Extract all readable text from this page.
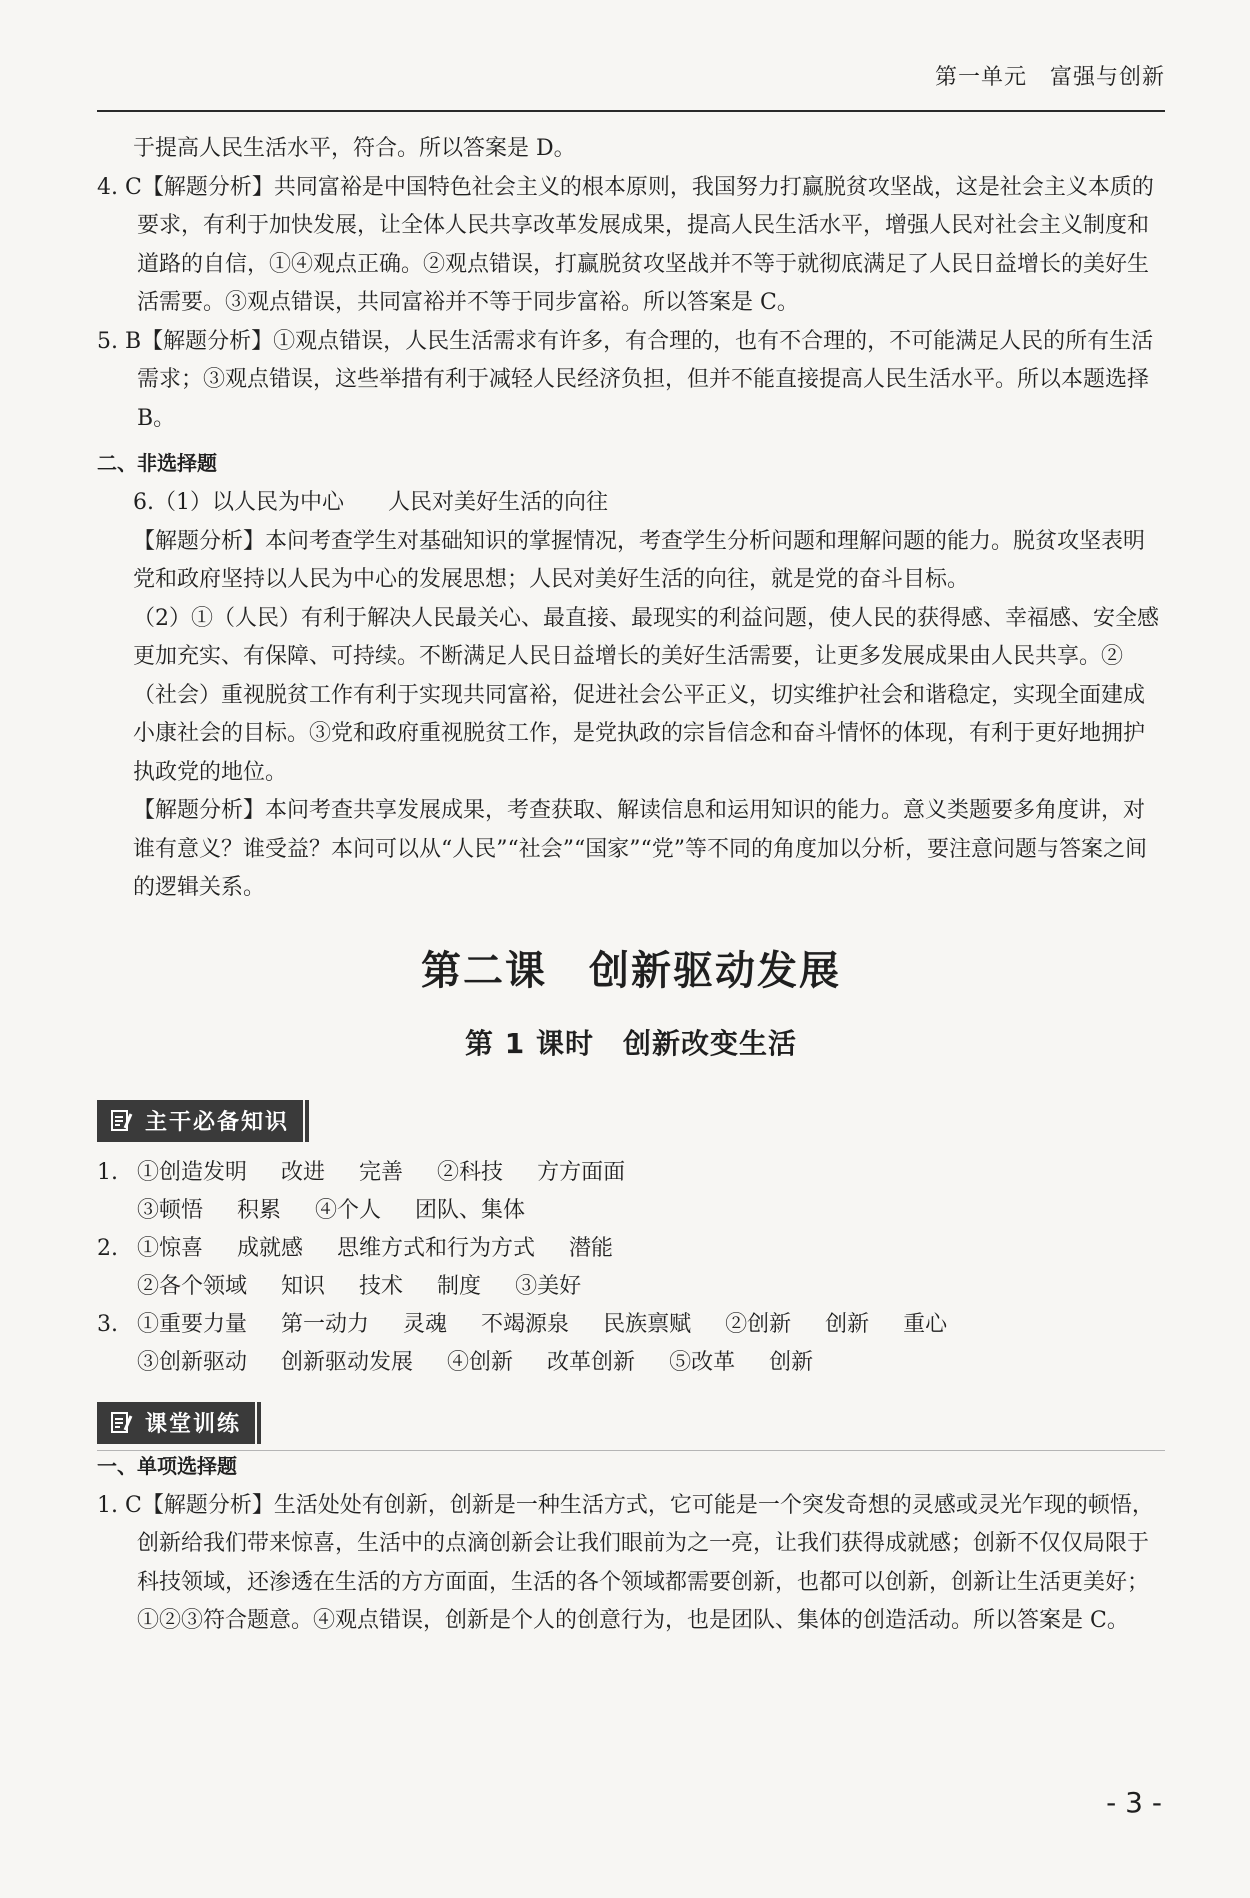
第一单元　富强与创新

于提高人民生活水平，符合。所以答案是 D。

4. C【解题分析】共同富裕是中国特色社会主义的根本原则，我国努力打赢脱贫攻坚战，这是社会主义本质的要求，有利于加快发展，让全体人民共享改革发展成果，提高人民生活水平，增强人民对社会主义制度和道路的自信，①④观点正确。②观点错误，打赢脱贫攻坚战并不等于就彻底满足了人民日益增长的美好生活需要。③观点错误，共同富裕并不等于同步富裕。所以答案是 C。

5. B【解题分析】①观点错误，人民生活需求有许多，有合理的，也有不合理的，不可能满足人民的所有生活需求；③观点错误，这些举措有利于减轻人民经济负担，但并不能直接提高人民生活水平。所以本题选择 B。

二、非选择题

6.（1）以人民为中心　　人民对美好生活的向往

【解题分析】本问考查学生对基础知识的掌握情况，考查学生分析问题和理解问题的能力。脱贫攻坚表明党和政府坚持以人民为中心的发展思想；人民对美好生活的向往，就是党的奋斗目标。

（2）①（人民）有利于解决人民最关心、最直接、最现实的利益问题，使人民的获得感、幸福感、安全感更加充实、有保障、可持续。不断满足人民日益增长的美好生活需要，让更多发展成果由人民共享。②（社会）重视脱贫工作有利于实现共同富裕，促进社会公平正义，切实维护社会和谐稳定，实现全面建成小康社会的目标。③党和政府重视脱贫工作，是党执政的宗旨信念和奋斗情怀的体现，有利于更好地拥护执政党的地位。

【解题分析】本问考查共享发展成果，考查获取、解读信息和运用知识的能力。意义类题要多角度讲，对谁有意义？谁受益？本问可以从“人民”“社会”“国家”“党”等不同的角度加以分析，要注意问题与答案之间的逻辑关系。

第二课　创新驱动发展

第 1 课时　创新改变生活

主干必备知识
1. ①创造发明 改进 完善 ②科技 方方面面
③顿悟 积累 ④个人 团队、集体
2. ①惊喜 成就感 思维方式和行为方式 潜能
②各个领域 知识 技术 制度 ③美好
3. ①重要力量 第一动力 灵魂 不竭源泉 民族禀赋 ②创新 创新 重心
③创新驱动 创新驱动发展 ④创新 改革创新 ⑤改革 创新
课堂训练

一、单项选择题

1. C【解题分析】生活处处有创新，创新是一种生活方式，它可能是一个突发奇想的灵感或灵光乍现的顿悟，创新给我们带来惊喜，生活中的点滴创新会让我们眼前为之一亮，让我们获得成就感；创新不仅仅局限于科技领域，还渗透在生活的方方面面，生活的各个领域都需要创新，也都可以创新，创新让生活更美好；①②③符合题意。④观点错误，创新是个人的创意行为，也是团队、集体的创造活动。所以答案是 C。

- 3 -
